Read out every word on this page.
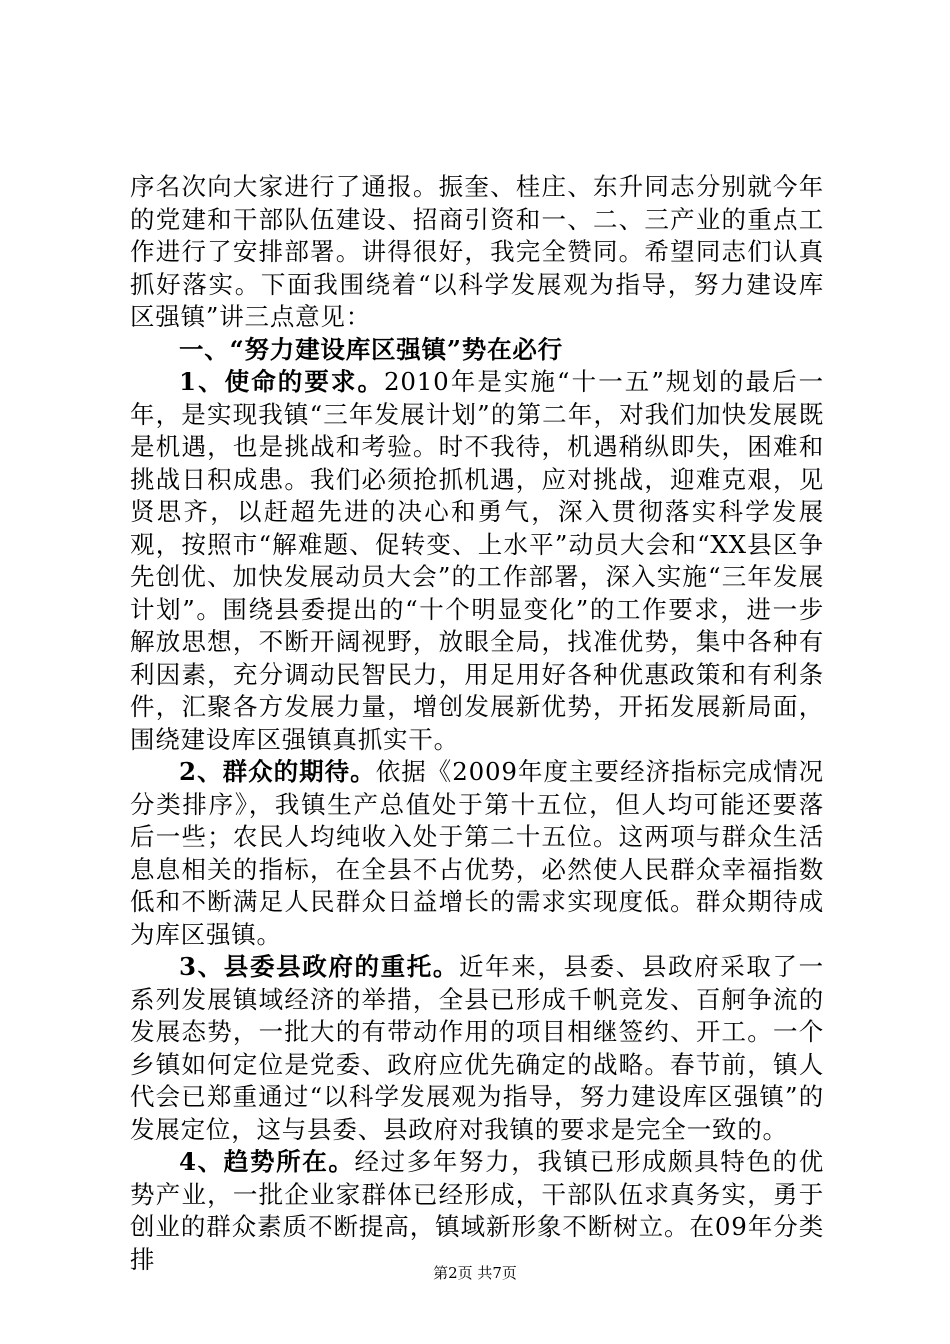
序名次向大家进行了通报。振奎、桂庄、东升同志分别就今年的党建和干部队伍建设、招商引资和一、二、三产业的重点工作进行了安排部署。讲得很好，我完全赞同。希望同志们认真抓好落实。下面我围绕着“以科学发展观为指导，努力建设库区强镇”讲三点意见：

一、“努力建设库区强镇”势在必行

1、使命的要求。2010年是实施“十一五”规划的最后一年，是实现我镇“三年发展计划”的第二年，对我们加快发展既是机遇，也是挑战和考验。时不我待，机遇稍纵即失，困难和挑战日积成患。我们必须抢抓机遇，应对挑战，迎难克艰，见贤思齐，以赶超先进的决心和勇气，深入贯彻落实科学发展观，按照市“解难题、促转变、上水平”动员大会和“XX县区争先创优、加快发展动员大会”的工作部署，深入实施“三年发展计划”。围绕县委提出的“十个明显变化”的工作要求，进一步解放思想，不断开阔视野，放眼全局，找准优势，集中各种有利因素，充分调动民智民力，用足用好各种优惠政策和有利条件，汇聚各方发展力量，增创发展新优势，开拓发展新局面，围绕建设库区强镇真抓实干。

2、群众的期待。依据《2009年度主要经济指标完成情况分类排序》，我镇生产总值处于第十五位，但人均可能还要落后一些；农民人均纯收入处于第二十五位。这两项与群众生活息息相关的指标，在全县不占优势，必然使人民群众幸福指数低和不断满足人民群众日益增长的需求实现度低。群众期待成为库区强镇。

3、县委县政府的重托。近年来，县委、县政府采取了一系列发展镇域经济的举措，全县已形成千帆竞发、百舸争流的发展态势，一批大的有带动作用的项目相继签约、开工。一个乡镇如何定位是党委、政府应优先确定的战略。春节前，镇人代会已郑重通过“以科学发展观为指导，努力建设库区强镇”的发展定位，这与县委、县政府对我镇的要求是完全一致的。

4、趋势所在。经过多年努力，我镇已形成颇具特色的优势产业，一批企业家群体已经形成，干部队伍求真务实，勇于创业的群众素质不断提高，镇域新形象不断树立。在09年分类排	第2页 共7页
